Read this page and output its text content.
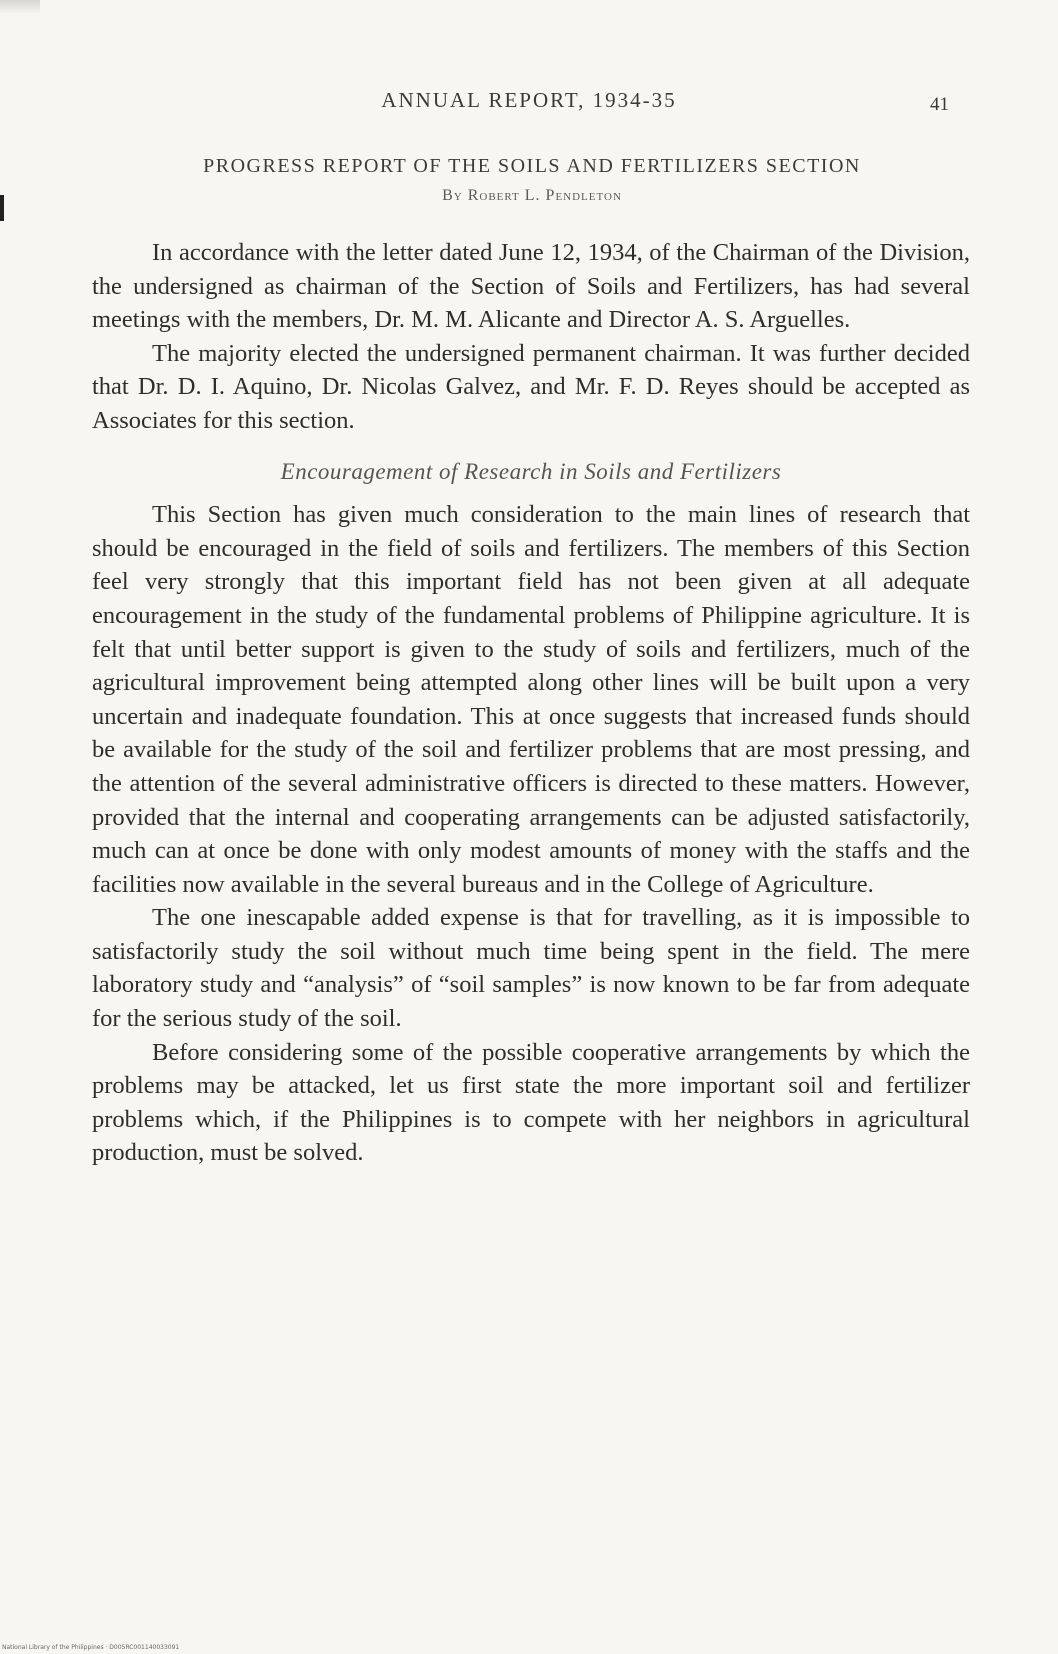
ANNUAL REPORT, 1934-35	41
PROGRESS REPORT OF THE SOILS AND FERTILIZERS SECTION
By Robert L. Pendleton

In accordance with the letter dated June 12, 1934, of the Chairman of the Division, the undersigned as chairman of the Section of Soils and Fertilizers, has had several meetings with the members, Dr. M. M. Alicante and Director A. S. Arguelles.

The majority elected the undersigned permanent chairman. It was further decided that Dr. D. I. Aquino, Dr. Nicolas Galvez, and Mr. F. D. Reyes should be accepted as Associates for this section.

Encouragement of Research in Soils and Fertilizers

This Section has given much consideration to the main lines of research that should be encouraged in the field of soils and fertilizers. The members of this Section feel very strongly that this important field has not been given at all adequate encouragement in the study of the fundamental problems of Philippine agriculture. It is felt that until better support is given to the study of soils and fertilizers, much of the agricultural improvement being attempted along other lines will be built upon a very uncertain and inadequate foundation. This at once suggests that increased funds should be available for the study of the soil and fertilizer problems that are most pressing, and the attention of the several administrative officers is directed to these matters. However, provided that the internal and cooperating arrangements can be adjusted satisfactorily, much can at once be done with only modest amounts of money with the staffs and the facilities now available in the several bureaus and in the College of Agriculture.

The one inescapable added expense is that for travelling, as it is impossible to satisfactorily study the soil without much time being spent in the field. The mere laboratory study and “analysis” of “soil samples” is now known to be far from adequate for the serious study of the soil.

Before considering some of the possible cooperative arrangements by which the problems may be attacked, let us first state the more important soil and fertilizer problems which, if the Philippines is to compete with her neighbors in agricultural production, must be solved.

National Library of the Philippines · D005RC001140033091
